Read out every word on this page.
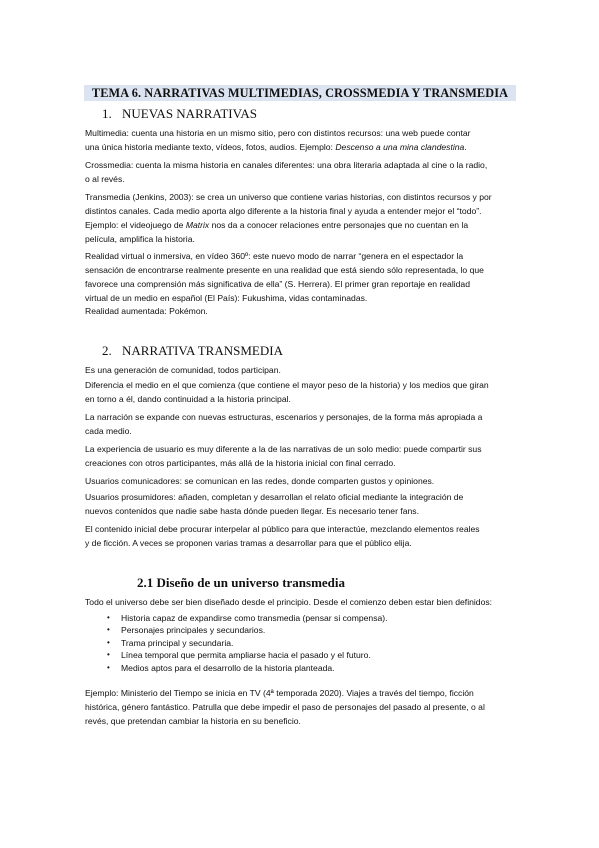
TEMA 6. NARRATIVAS MULTIMEDIAS, CROSSMEDIA Y TRANSMEDIA
1. NUEVAS NARRATIVAS
Multimedia: cuenta una historia en un mismo sitio, pero con distintos recursos: una web puede contar
una única historia mediante texto, vídeos, fotos, audios. Ejemplo: Descenso a una mina clandestina.
Crossmedia: cuenta la misma historia en canales diferentes: una obra literaria adaptada al cine o la radio,
o al revés.
Transmedia (Jenkins, 2003): se crea un universo que contiene varias historias, con distintos recursos y por
distintos canales. Cada medio aporta algo diferente a la historia final y ayuda a entender mejor el “todo”.
Ejemplo: el videojuego de Matrix nos da a conocer relaciones entre personajes que no cuentan en la
película, amplifica la historia.
Realidad virtual o inmersiva, en vídeo 360º: este nuevo modo de narrar “genera en el espectador la
sensación de encontrarse realmente presente en una realidad que está siendo sólo representada, lo que
favorece una comprensión más significativa de ella” (S. Herrera). El primer gran reportaje en realidad
virtual de un medio en español (El País): Fukushima, vidas contaminadas.
Realidad aumentada: Pokémon.
2. NARRATIVA TRANSMEDIA
Es una generación de comunidad, todos participan.
Diferencia el medio en el que comienza (que contiene el mayor peso de la historia) y los medios que giran
en torno a él, dando continuidad a la historia principal.
La narración se expande con nuevas estructuras, escenarios y personajes, de la forma más apropiada a
cada medio.
La experiencia de usuario es muy diferente a la de las narrativas de un solo medio: puede compartir sus
creaciones con otros participantes, más allá de la historia inicial con final cerrado.
Usuarios comunicadores: se comunican en las redes, donde comparten gustos y opiniones.
Usuarios prosumidores: añaden, completan y desarrollan el relato oficial mediante la integración de
nuevos contenidos que nadie sabe hasta dónde pueden llegar. Es necesario tener fans.
El contenido inicial debe procurar interpelar al público para que interactúe, mezclando elementos reales
y de ficción. A veces se proponen varias tramas a desarrollar para que el público elija.
2.1 Diseño de un universo transmedia
Todo el universo debe ser bien diseñado desde el principio. Desde el comienzo deben estar bien definidos:
• Historia capaz de expandirse como transmedia (pensar si compensa).
• Personajes principales y secundarios.
• Trama principal y secundaria.
• Línea temporal que permita ampliarse hacia el pasado y el futuro.
• Medios aptos para el desarrollo de la historia planteada.
Ejemplo: Ministerio del Tiempo se inicia en TV (4ª temporada 2020). Viajes a través del tiempo, ficción
histórica, género fantástico. Patrulla que debe impedir el paso de personajes del pasado al presente, o al
revés, que pretendan cambiar la historia en su beneficio.
